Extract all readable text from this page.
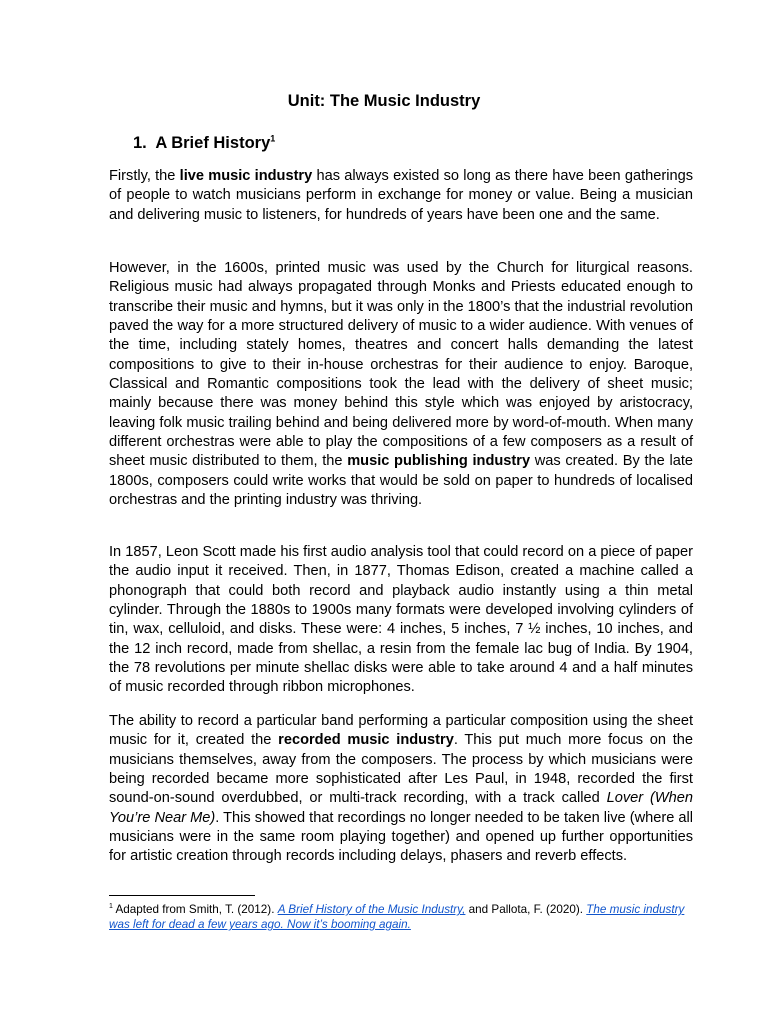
Unit: The Music Industry
1. A Brief History$^1$

Firstly, the live music industry has always existed so long as there have been gatherings of people to watch musicians perform in exchange for money or value. Being a musician and delivering music to listeners, for hundreds of years have been one and the same.

However, in the 1600s, printed music was used by the Church for liturgical reasons. Religious music had always propagated through Monks and Priests educated enough to transcribe their music and hymns, but it was only in the 1800’s that the industrial revolution paved the way for a more structured delivery of music to a wider audience. With venues of the time, including stately homes, theatres and concert halls demanding the latest compositions to give to their in-house orchestras for their audience to enjoy. Baroque, Classical and Romantic compositions took the lead with the delivery of sheet music; mainly because there was money behind this style which was enjoyed by aristocracy, leaving folk music trailing behind and being delivered more by word-of-mouth. When many different orchestras were able to play the compositions of a few composers as a result of sheet music distributed to them, the music publishing industry was created. By the late 1800s, composers could write works that would be sold on paper to hundreds of localised orchestras and the printing industry was thriving.

In 1857, Leon Scott made his first audio analysis tool that could record on a piece of paper the audio input it received. Then, in 1877, Thomas Edison, created a machine called a phonograph that could both record and playback audio instantly using a thin metal cylinder. Through the 1880s to 1900s many formats were developed involving cylinders of tin, wax, celluloid, and disks. These were: 4 inches, 5 inches, 7 ½ inches, 10 inches, and the 12 inch record, made from shellac, a resin from the female lac bug of India. By 1904, the 78 revolutions per minute shellac disks were able to take around 4 and a half minutes of music recorded through ribbon microphones.

The ability to record a particular band performing a particular composition using the sheet music for it, created the recorded music industry. This put much more focus on the musicians themselves, away from the composers. The process by which musicians were being recorded became more sophisticated after Les Paul, in 1948, recorded the first sound-on-sound overdubbed, or multi-track recording, with a track called Lover (When You’re Near Me). This showed that recordings no longer needed to be taken live (where all musicians were in the same room playing together) and opened up further opportunities for artistic creation through records including delays, phasers and reverb effects.

$^1$ Adapted from Smith, T. (2012). A Brief History of the Music Industry, and Pallota, F. (2020). The music industry was left for dead a few years ago. Now it’s booming again.
